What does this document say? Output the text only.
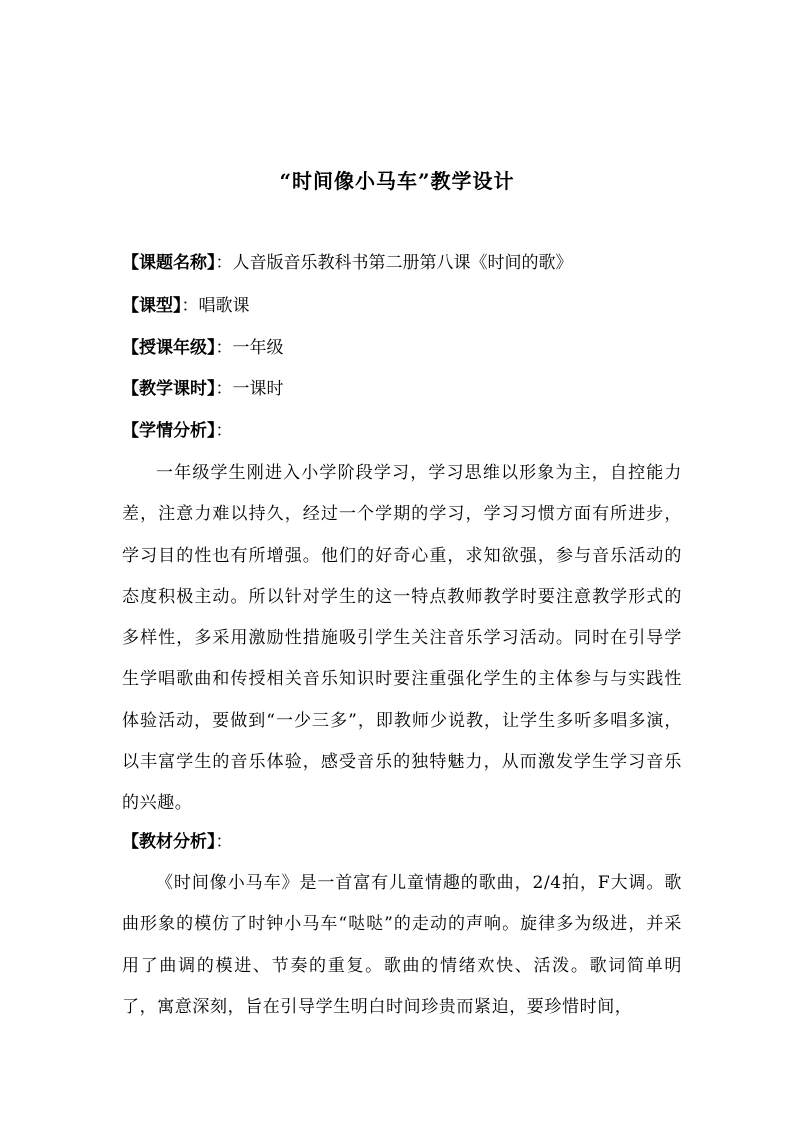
“时间像小马车”教学设计
【课题名称】：人音版音乐教科书第二册第八课《时间的歌》
【课型】：唱歌课
【授课年级】：一年级
【教学课时】：一课时
【学情分析】：
一年级学生刚进入小学阶段学习，学习思维以形象为主，自控能力差，注意力难以持久，经过一个学期的学习，学习习惯方面有所进步，学习目的性也有所增强。他们的好奇心重，求知欲强，参与音乐活动的态度积极主动。所以针对学生的这一特点教师教学时要注意教学形式的多样性，多采用激励性措施吸引学生关注音乐学习活动。同时在引导学生学唱歌曲和传授相关音乐知识时要注重强化学生的主体参与与实践性体验活动，要做到“一少三多”，即教师少说教，让学生多听多唱多演，以丰富学生的音乐体验，感受音乐的独特魅力，从而激发学生学习音乐的兴趣。
【教材分析】：
《时间像小马车》是一首富有儿童情趣的歌曲，2/4拍，F大调。歌曲形象的模仿了时钟小马车“哒哒”的走动的声响。旋律多为级进，并采用了曲调的模进、节奏的重复。歌曲的情绪欢快、活泼。歌词简单明了，寓意深刻，旨在引导学生明白时间珍贵而紧迫，要珍惜时间，
